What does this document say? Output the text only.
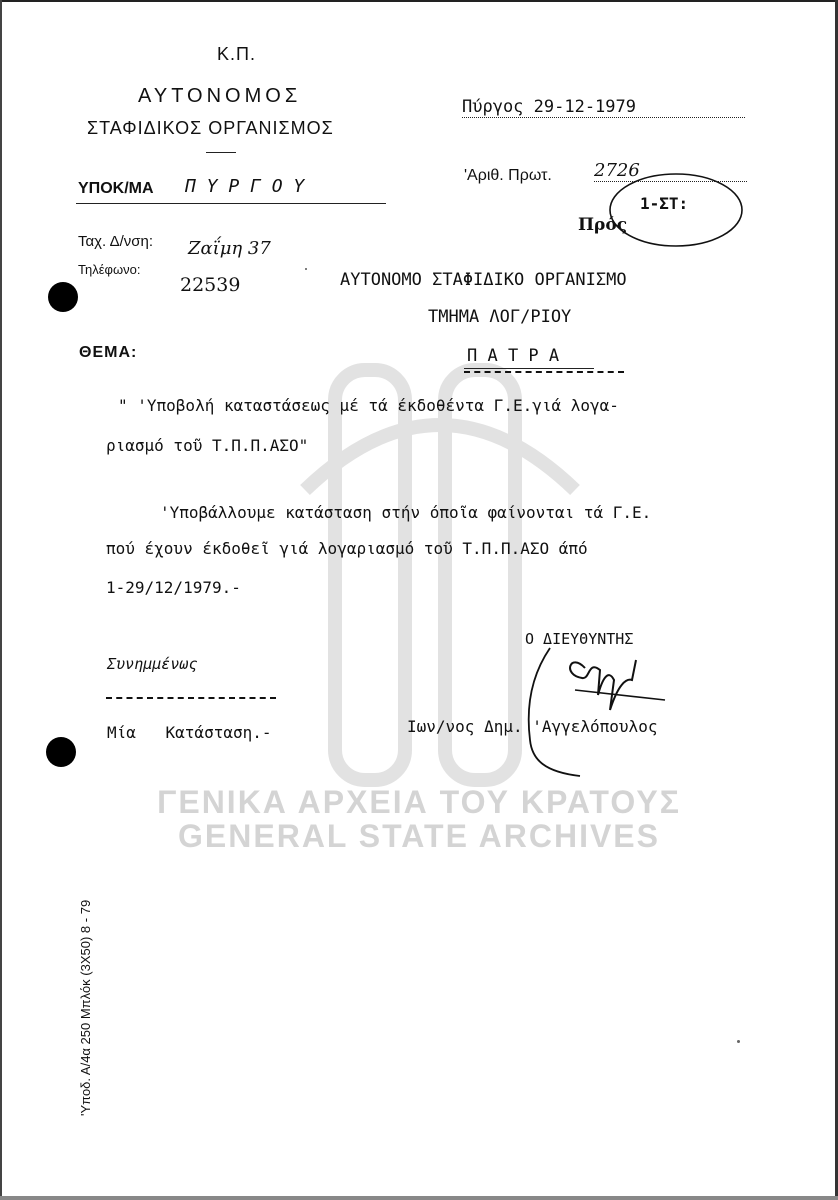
Κ.Π.
ΑΥΤΟΝΟΜΟΣ
ΣΤΑΦΙΔΙΚΟΣ ΟΡΓΑΝΙΣΜΟΣ
ΥΠΟΚ/ΜΑ Π Υ Ρ Γ Ο Υ
Ταχ. Δ/νση: Ζαΐμη 37
Τηλέφωνο:
22539
Πύργος 29-12-1979
'Αριθ. Πρωτ. 2726
1-ΣΤ:
Πρός
ΑΥΤΟΝΟΜΟ ΣΤΑΦΙΔΙΚΟ ΟΡΓΑΝΙΣΜΟ
ΤΜΗΜΑ ΛΟΓ/ΡΙΟΥ
Π Α Τ Ρ Α
ΘΕΜΑ:
" 'Υποβολή καταστάσεως μέ τά έκδοθέντα Γ.Ε.γιά λογα-
ριασμό τοῦ Τ.Π.Π.ΑΣΟ"
'Υποβάλλουμε κατάσταση στήν όποῖα φαίνονται τά Γ.Ε.
πού έχουν έκδοθεῖ γιά λογαριασμό τοῦ Τ.Π.Π.ΑΣΟ άπό
1-29/12/1979.-
Ο ΔΙΕΥΘΥΝΤΗΣ
Συνημμένως
Μία Κατάσταση.-	Ιων/νος Δημ. 'Αγγελόπουλος
ΓΕΝΙΚΑ ΑΡΧΕΙΑ ΤΟΥ ΚΡΑΤΟΥΣ
GENERAL STATE ARCHIVES
'Υποδ. Α/4α 250 Μπλόκ (3Χ50) 8 - 79
